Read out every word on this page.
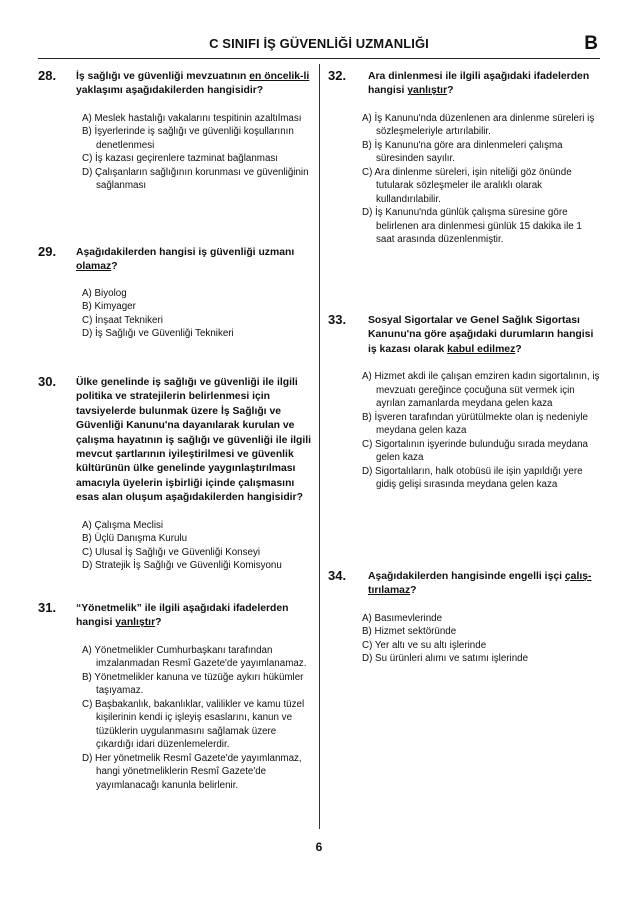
C SINIFI İŞ GÜVENLİĞİ UZMANLIĞI	B
28. İş sağlığı ve güvenliği mevzuatının en öncelik-li yaklaşımı aşağıdakilerden hangisidir?
A) Meslek hastalığı vakalarını tespitinin azaltılması
B) İşyerlerinde iş sağlığı ve güvenliği koşullarının denetlenmesi
C) İş kazası geçirenlere tazminat bağlanması
D) Çalışanların sağlığının korunması ve güvenliğinin sağlanması
29. Aşağıdakilerden hangisi iş güvenliği uzmanı olamaz?
A) Biyolog
B) Kimyager
C) İnşaat Teknikeri
D) İş Sağlığı ve Güvenliği Teknikeri
30. Ülke genelinde iş sağlığı ve güvenliği ile ilgili politika ve stratejilerin belirlenmesi için tavsiyelerde bulunmak üzere İş Sağlığı ve Güvenliği Kanunu'na dayanılarak kurulan ve çalışma hayatının iş sağlığı ve güvenliği ile ilgili mevcut şartlarının iyileştirilmesi ve güvenlik kültürünün ülke genelinde yaygınlaştırılması amacıyla üyelerin işbirliği içinde çalışmasını esas alan oluşum aşağıdakilerden hangisidir?
A) Çalışma Meclisi
B) Üçlü Danışma Kurulu
C) Ulusal İş Sağlığı ve Güvenliği Konseyi
D) Stratejik İş Sağlığı ve Güvenliği Komisyonu
31. “Yönetmelik” ile ilgili aşağıdaki ifadelerden hangisi yanlıştır?
A) Yönetmelikler Cumhurbaşkanı tarafından imzalanmadan Resmî Gazete'de yayımlanamaz.
B) Yönetmelikler kanuna ve tüzüğe aykırı hükümler taşıyamaz.
C) Başbakanlık, bakanlıklar, valilikler ve kamu tüzel kişilerinin kendi iç işleyiş esaslarını, kanun ve tüzüklerin uygulanmasını sağlamak üzere çıkardığı idari düzenlemelerdir.
D) Her yönetmelik Resmî Gazete'de yayımlanmaz, hangi yönetmeliklerin Resmî Gazete'de yayımlanacağı kanunla belirlenir.
32. Ara dinlenmesi ile ilgili aşağıdaki ifadelerden hangisi yanlıştır?
A) İş Kanunu'nda düzenlenen ara dinlenme süreleri iş sözleşmeleriyle artırılabilir.
B) İş Kanunu'na göre ara dinlenmeleri çalışma süresinden sayılır.
C) Ara dinlenme süreleri, işin niteliği göz önünde tutularak sözleşmeler ile aralıklı olarak kullandırılabilir.
D) İş Kanunu'nda günlük çalışma süresine göre belirlenen ara dinlenmesi günlük 15 dakika ile 1 saat arasında düzenlenmiştir.
33. Sosyal Sigortalar ve Genel Sağlık Sigortası Kanunu'na göre aşağıdaki durumların hangisi iş kazası olarak kabul edilmez?
A) Hizmet akdi ile çalışan emziren kadın sigortalının, iş mevzuatı gereğince çocuğuna süt vermek için ayrılan zamanlarda meydana gelen kaza
B) İşveren tarafından yürütülmekte olan iş nedeniyle meydana gelen kaza
C) Sigortalının işyerinde bulunduğu sırada meydana gelen kaza
D) Sigortalıların, halk otobüsü ile işin yapıldığı yere gidiş gelişi sırasında meydana gelen kaza
34. Aşağıdakilerden hangisinde engelli işçi çalış-tırılamaz?
A) Basımevlerinde
B) Hizmet sektöründe
C) Yer altı ve su altı işlerinde
D) Su ürünleri alımı ve satımı işlerinde
6
